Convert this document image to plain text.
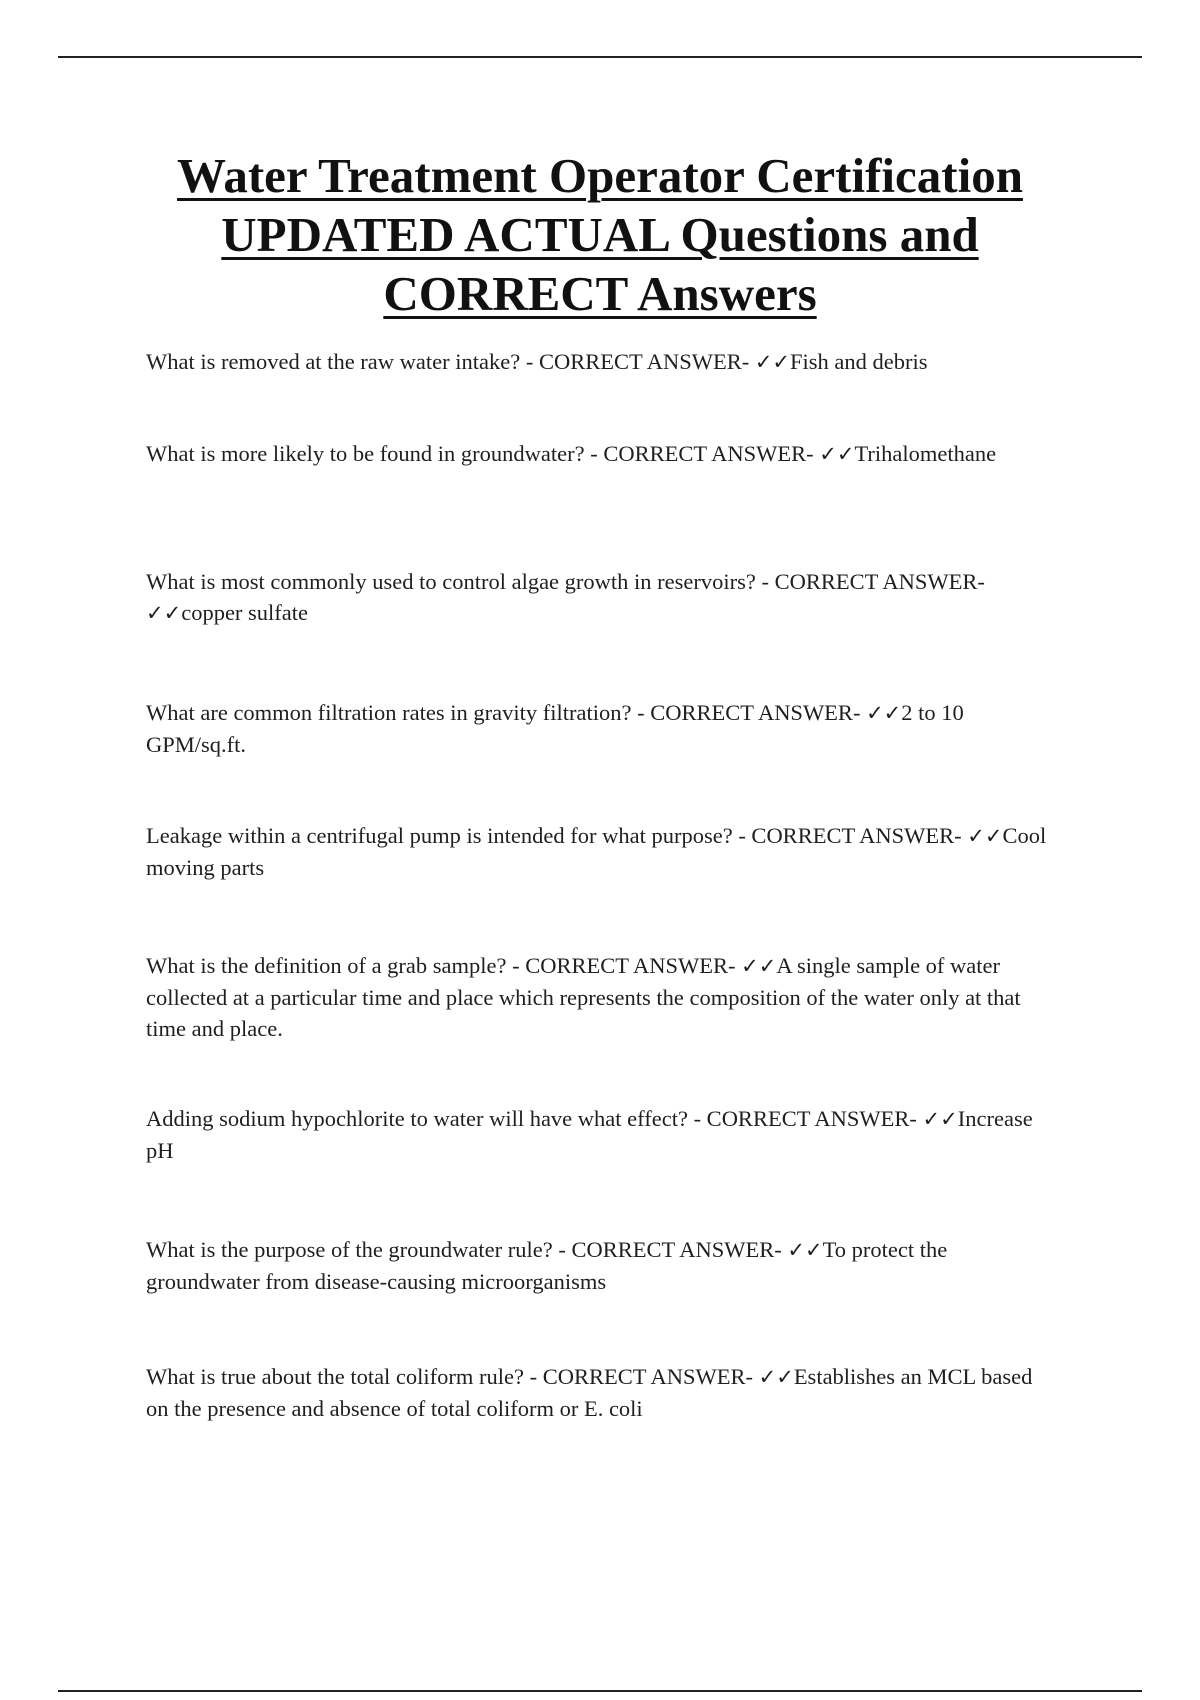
Water Treatment Operator Certification UPDATED ACTUAL Questions and CORRECT Answers

What is removed at the raw water intake? - CORRECT ANSWER- ✓✓Fish and debris

What is more likely to be found in groundwater? - CORRECT ANSWER- ✓✓Trihalomethane

What is most commonly used to control algae growth in reservoirs? - CORRECT ANSWER- ✓✓copper sulfate

What are common filtration rates in gravity filtration? - CORRECT ANSWER- ✓✓2 to 10 GPM/sq.ft.

Leakage within a centrifugal pump is intended for what purpose? - CORRECT ANSWER- ✓✓Cool moving parts

What is the definition of a grab sample? - CORRECT ANSWER- ✓✓A single sample of water collected at a particular time and place which represents the composition of the water only at that time and place.

Adding sodium hypochlorite to water will have what effect? - CORRECT ANSWER- ✓✓Increase pH

What is the purpose of the groundwater rule? - CORRECT ANSWER- ✓✓To protect the groundwater from disease-causing microorganisms

What is true about the total coliform rule? - CORRECT ANSWER- ✓✓Establishes an MCL based on the presence and absence of total coliform or E. coli
